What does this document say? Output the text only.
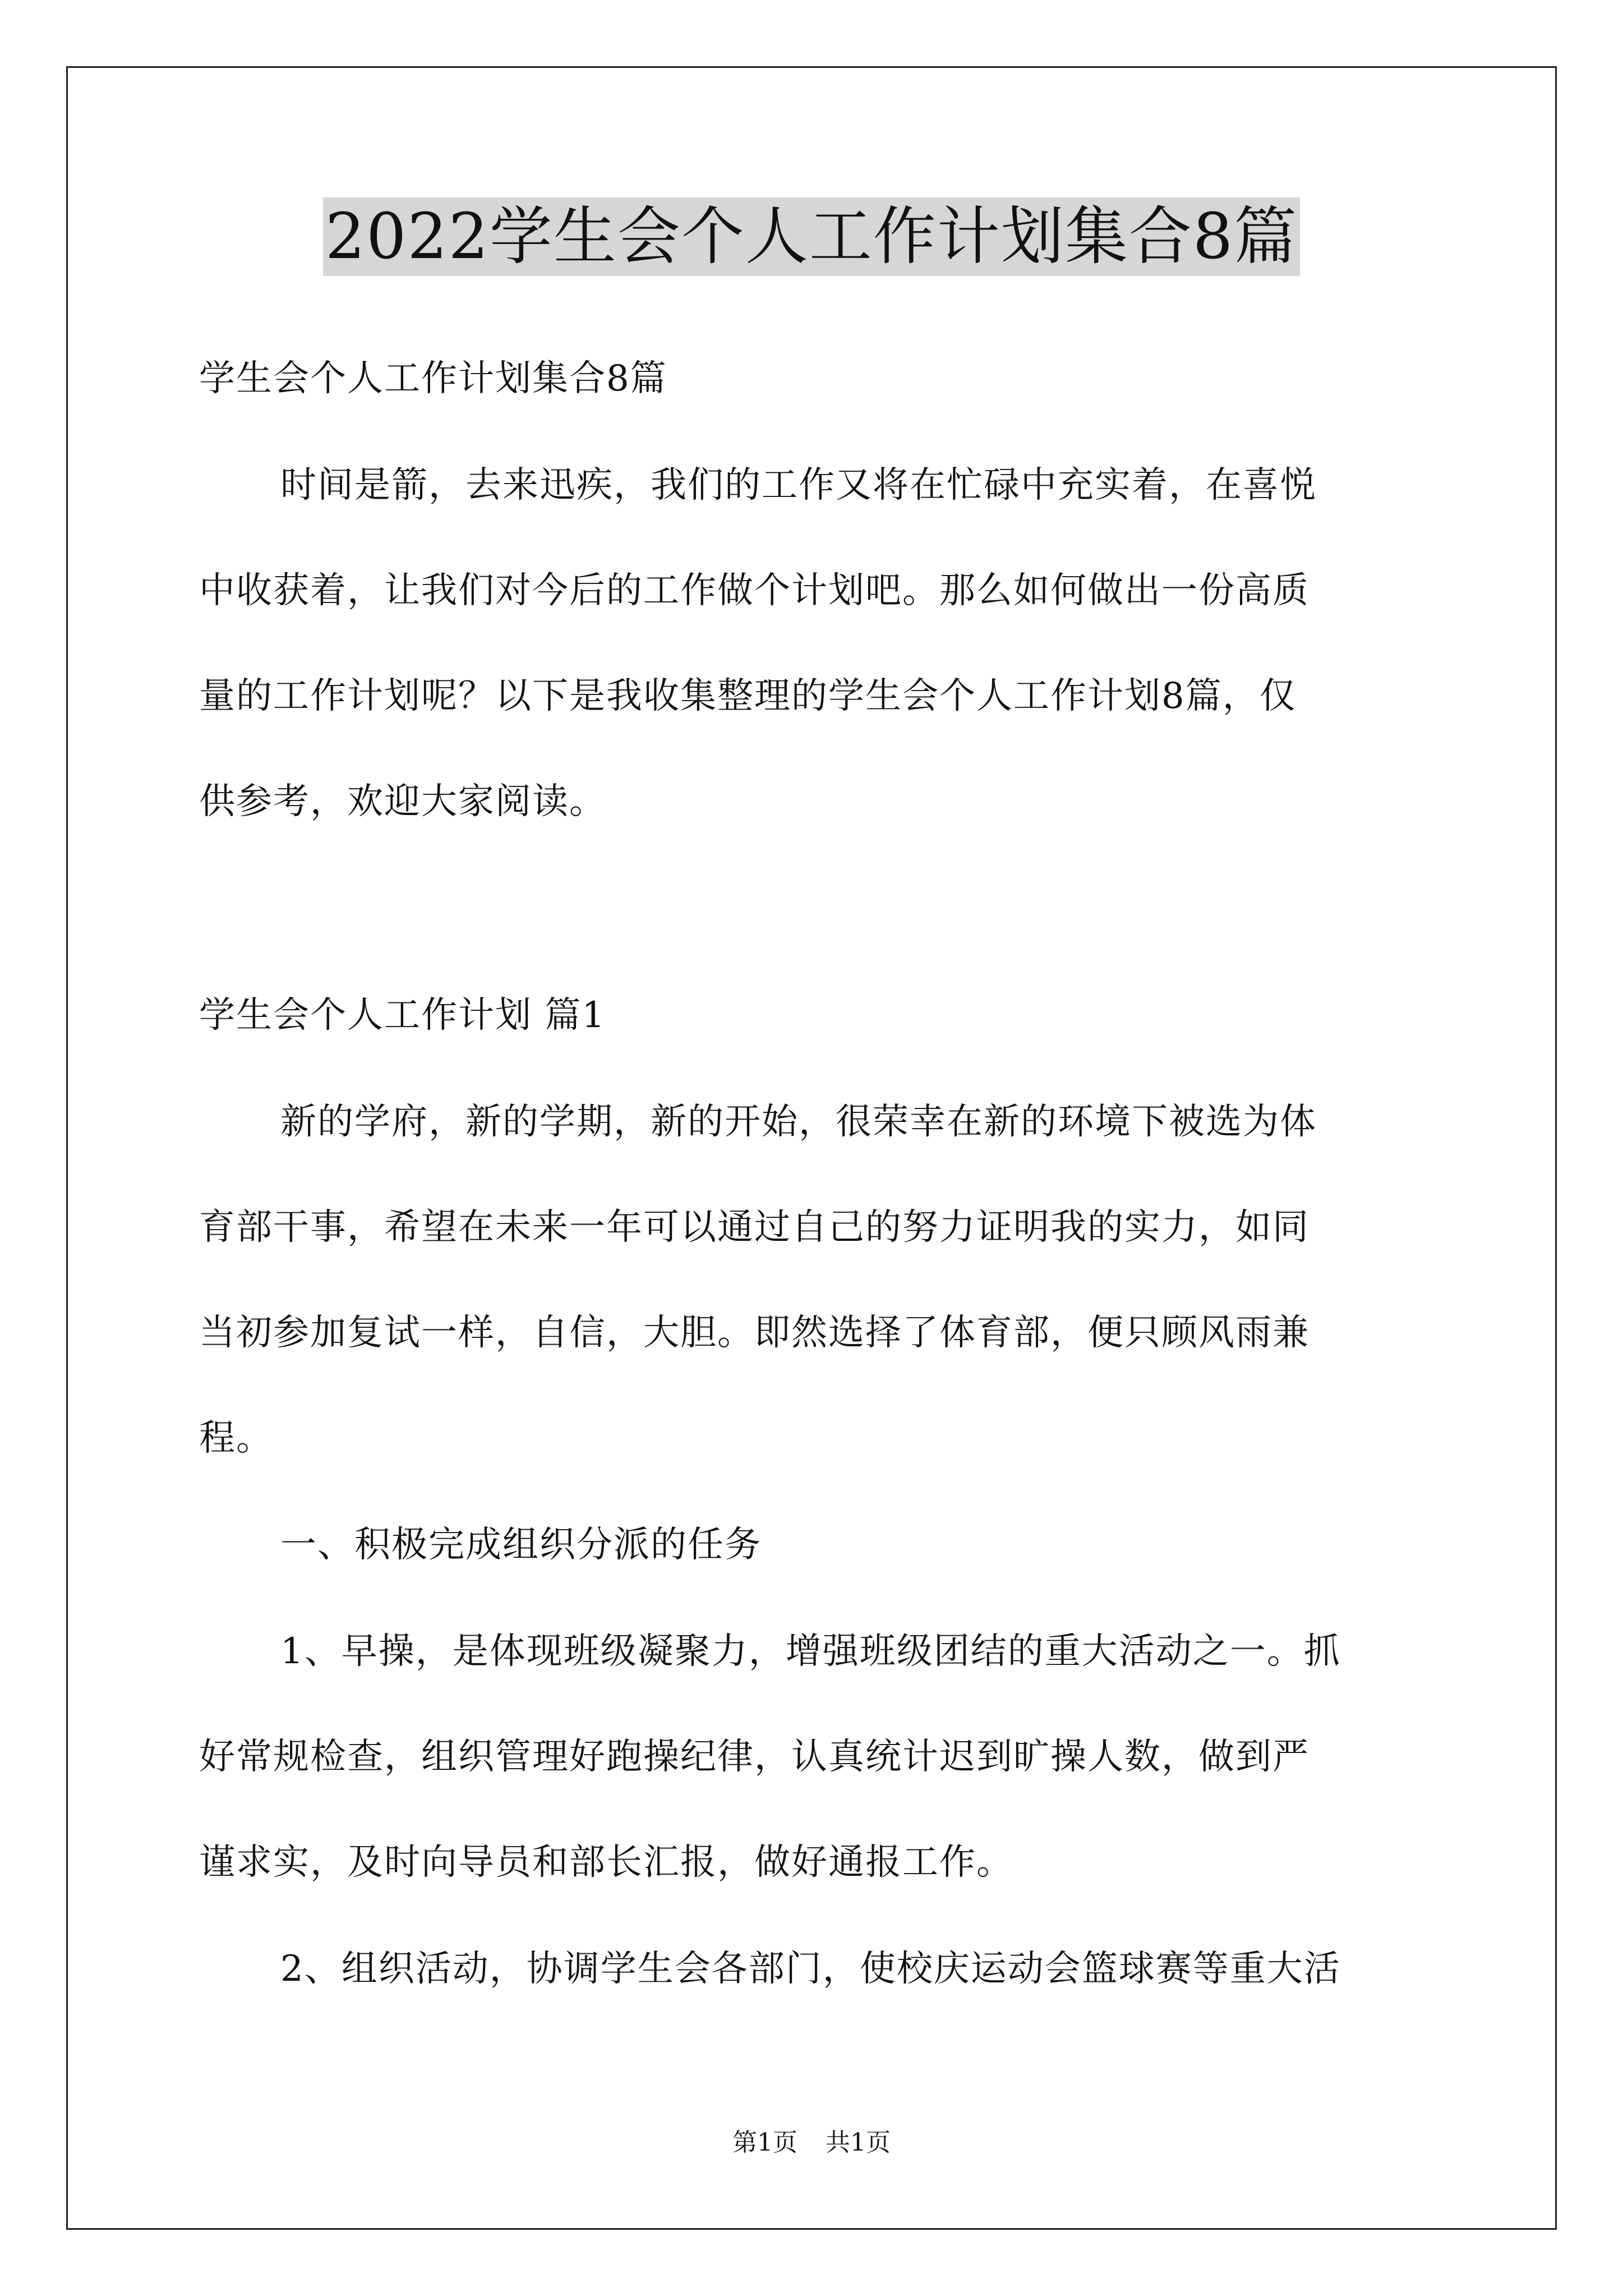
2022学生会个人工作计划集合8篇
学生会个人工作计划集合8篇
时间是箭，去来迅疾，我们的工作又将在忙碌中充实着，在喜悦
中收获着，让我们对今后的工作做个计划吧。那么如何做出一份高质
量的工作计划呢？以下是我收集整理的学生会个人工作计划8篇，仅
供参考，欢迎大家阅读。
学生会个人工作计划 篇1
新的学府，新的学期，新的开始，很荣幸在新的环境下被选为体
育部干事，希望在未来一年可以通过自己的努力证明我的实力，如同
当初参加复试一样，自信，大胆。即然选择了体育部，便只顾风雨兼
程。
一、积极完成组织分派的任务
1、早操，是体现班级凝聚力，增强班级团结的重大活动之一。抓
好常规检查，组织管理好跑操纪律，认真统计迟到旷操人数，做到严
谨求实，及时向导员和部长汇报，做好通报工作。
2、组织活动，协调学生会各部门，使校庆运动会篮球赛等重大活
第1页 共1页
